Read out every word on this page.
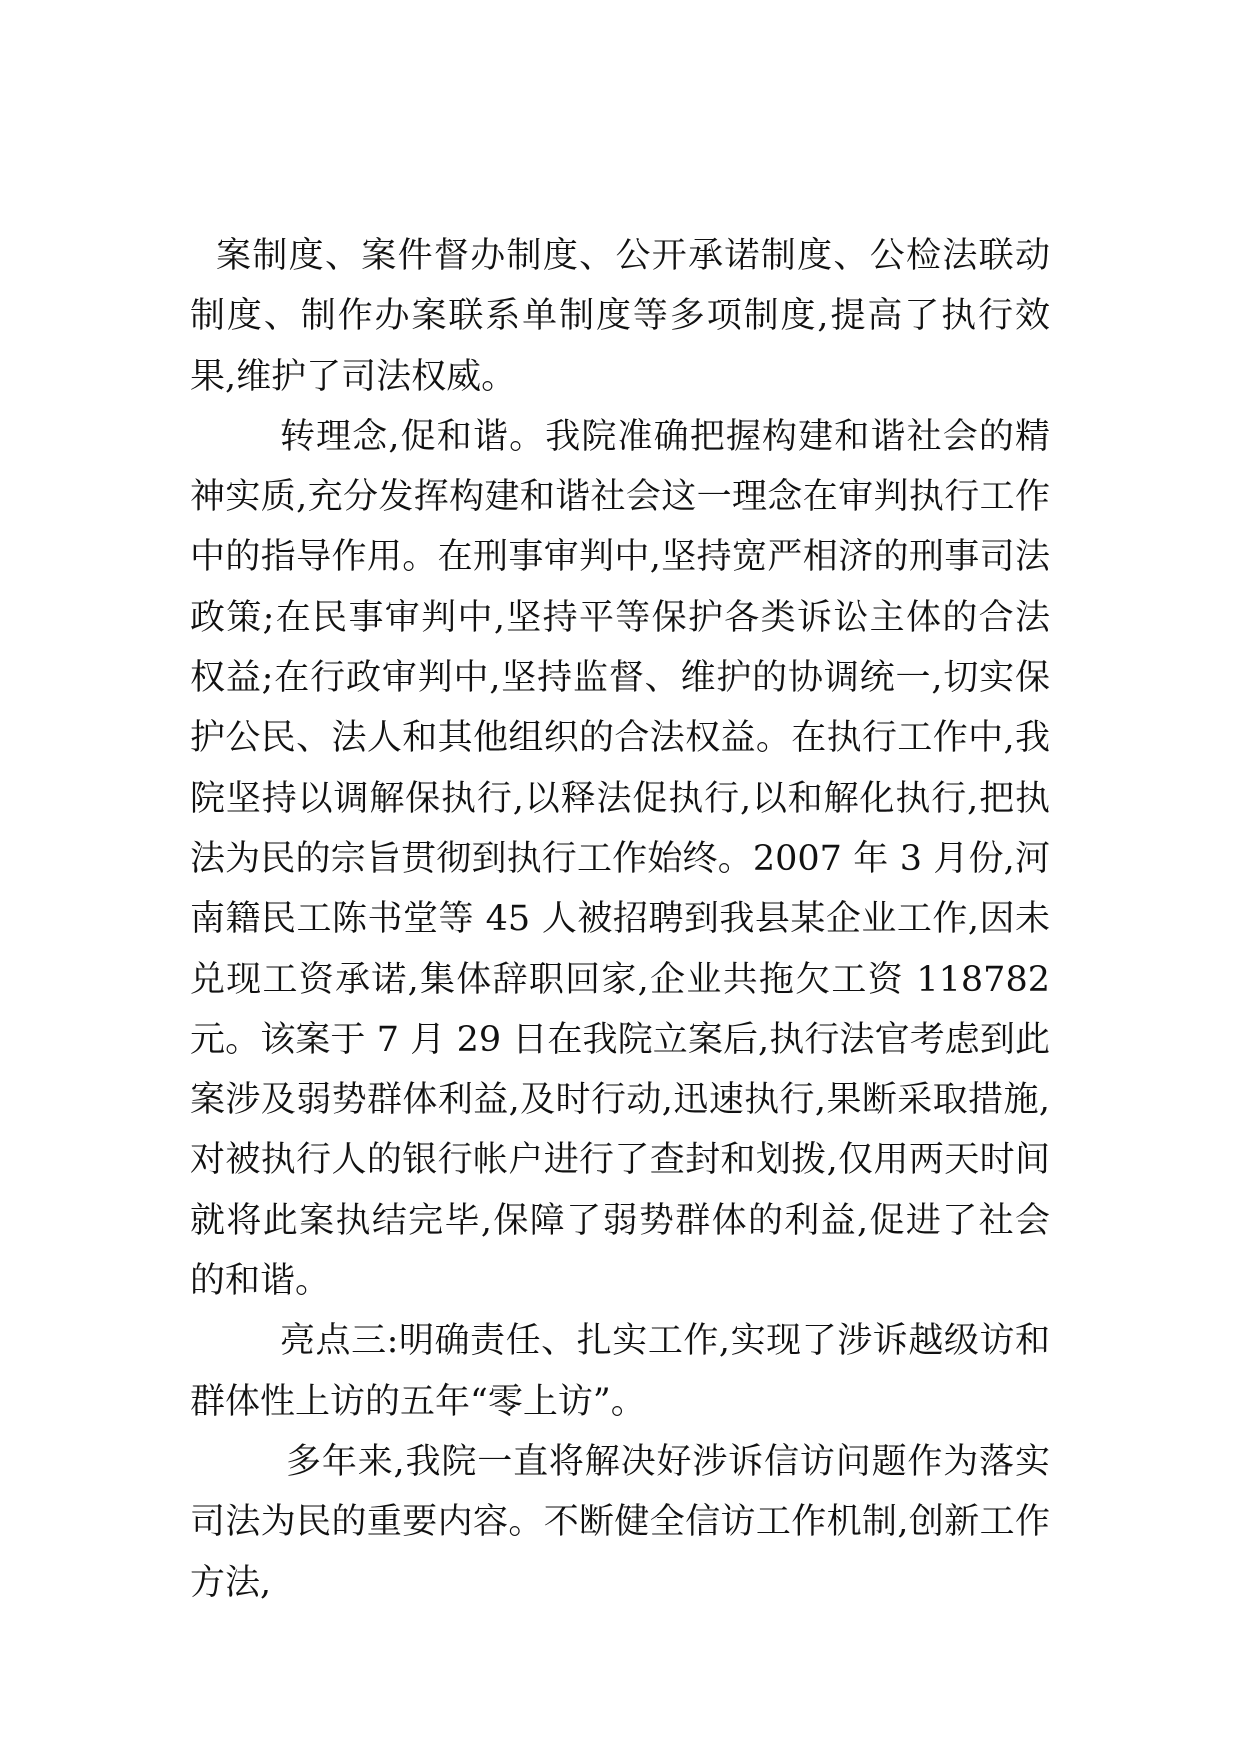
案制度、案件督办制度、公开承诺制度、公检法联动制度、制作办案联系单制度等多项制度,提高了执行效果,维护了司法权威。

转理念,促和谐。我院准确把握构建和谐社会的精神实质,充分发挥构建和谐社会这一理念在审判执行工作中的指导作用。在刑事审判中,坚持宽严相济的刑事司法政策;在民事审判中,坚持平等保护各类诉讼主体的合法权益;在行政审判中,坚持监督、维护的协调统一,切实保护公民、法人和其他组织的合法权益。在执行工作中,我院坚持以调解保执行,以释法促执行,以和解化执行,把执法为民的宗旨贯彻到执行工作始终。2007 年 3 月份,河南籍民工陈书堂等 45 人被招聘到我县某企业工作,因未兑现工资承诺,集体辞职回家,企业共拖欠工资 118782 元。该案于 7 月 29 日在我院立案后,执行法官考虑到此案涉及弱势群体利益,及时行动,迅速执行,果断采取措施,对被执行人的银行帐户进行了查封和划拨,仅用两天时间就将此案执结完毕,保障了弱势群体的利益,促进了社会的和谐。

亮点三:明确责任、扎实工作,实现了涉诉越级访和群体性上访的五年“零上访”。

多年来,我院一直将解决好涉诉信访问题作为落实司法为民的重要内容。不断健全信访工作机制,创新工作方法,
